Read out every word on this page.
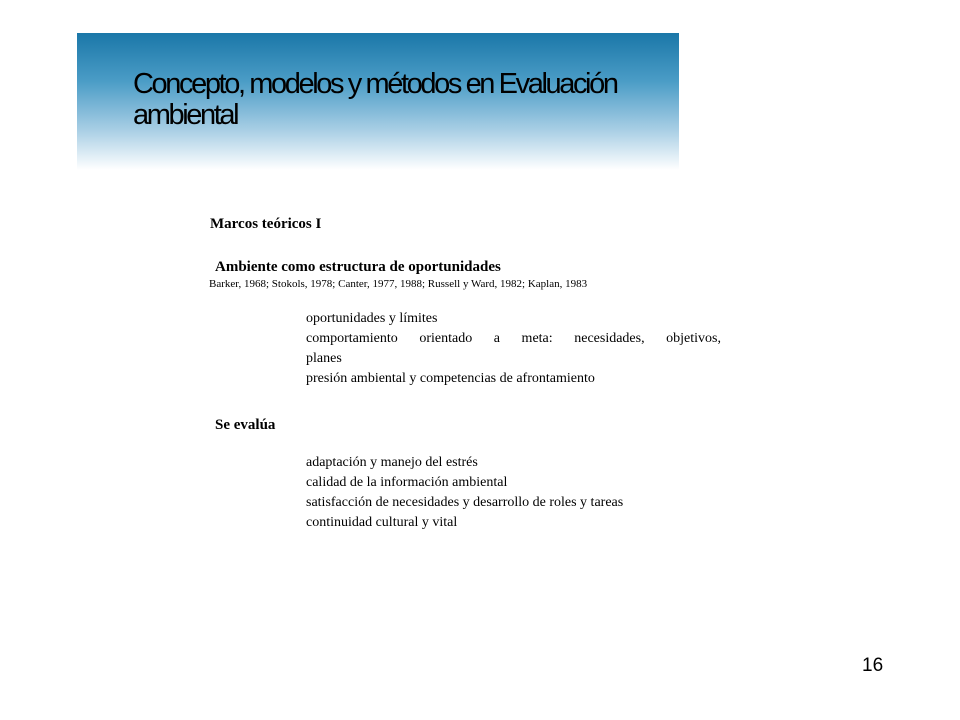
Concepto, modelos y métodos en Evaluación ambiental

Marcos teóricos I

Ambiente como estructura de oportunidades

Barker, 1968; Stokols, 1978; Canter, 1977, 1988; Russell y Ward, 1982; Kaplan, 1983

oportunidades y límites
comportamiento orientado a meta: necesidades, objetivos,
planes
presión ambiental y competencias de afrontamiento

Se evalúa

adaptación y manejo del estrés
calidad de la información ambiental
satisfacción de necesidades y desarrollo de roles y tareas
continuidad cultural y vital
16
